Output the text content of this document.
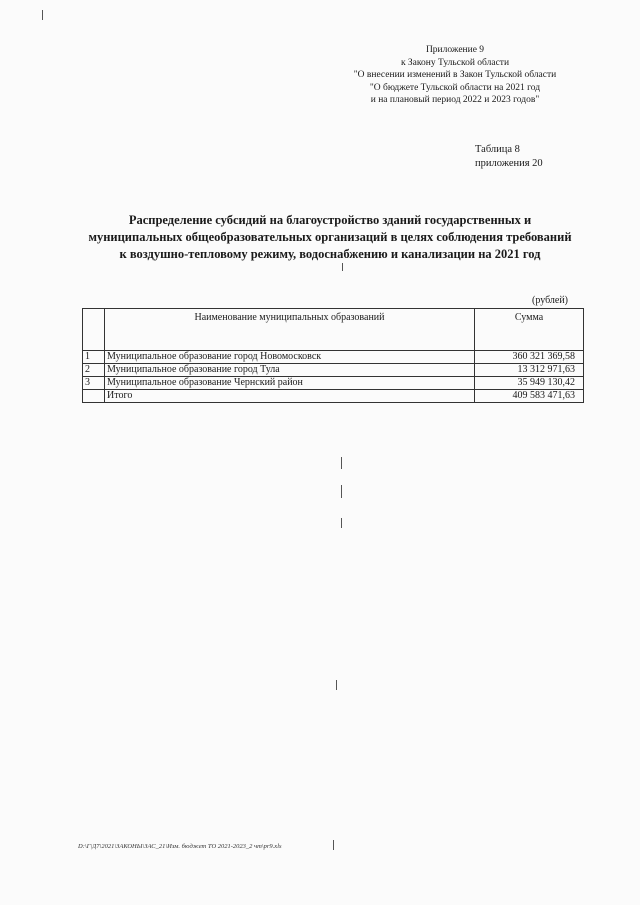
Приложение 9
к Закону Тульской области
"О внесении изменений в Закон Тульской области
"О бюджете Тульской области на 2021 год
и на плановый период 2022 и 2023 годов"
Таблица 8
приложения 20
Распределение субсидий на благоустройство зданий государственных и
муниципальных общеобразовательных организаций в целях соблюдения требований
к воздушно-тепловому режиму, водоснабжению и канализации на 2021 год
(рублей)
	Наименование муниципальных образований	Сумма
1	Муниципальное образование город Новомосковск	360 321 369,58
2	Муниципальное образование город Тула	13 312 971,63
3	Муниципальное образование Чернский район	35 949 130,42
	Итого	409 583 471,63
D:\Г\Д7\2021\ЗАКОНЫ\ЗАС_21\Изм. бюджет ТО 2021-2023_2 чт\pr9.xls
